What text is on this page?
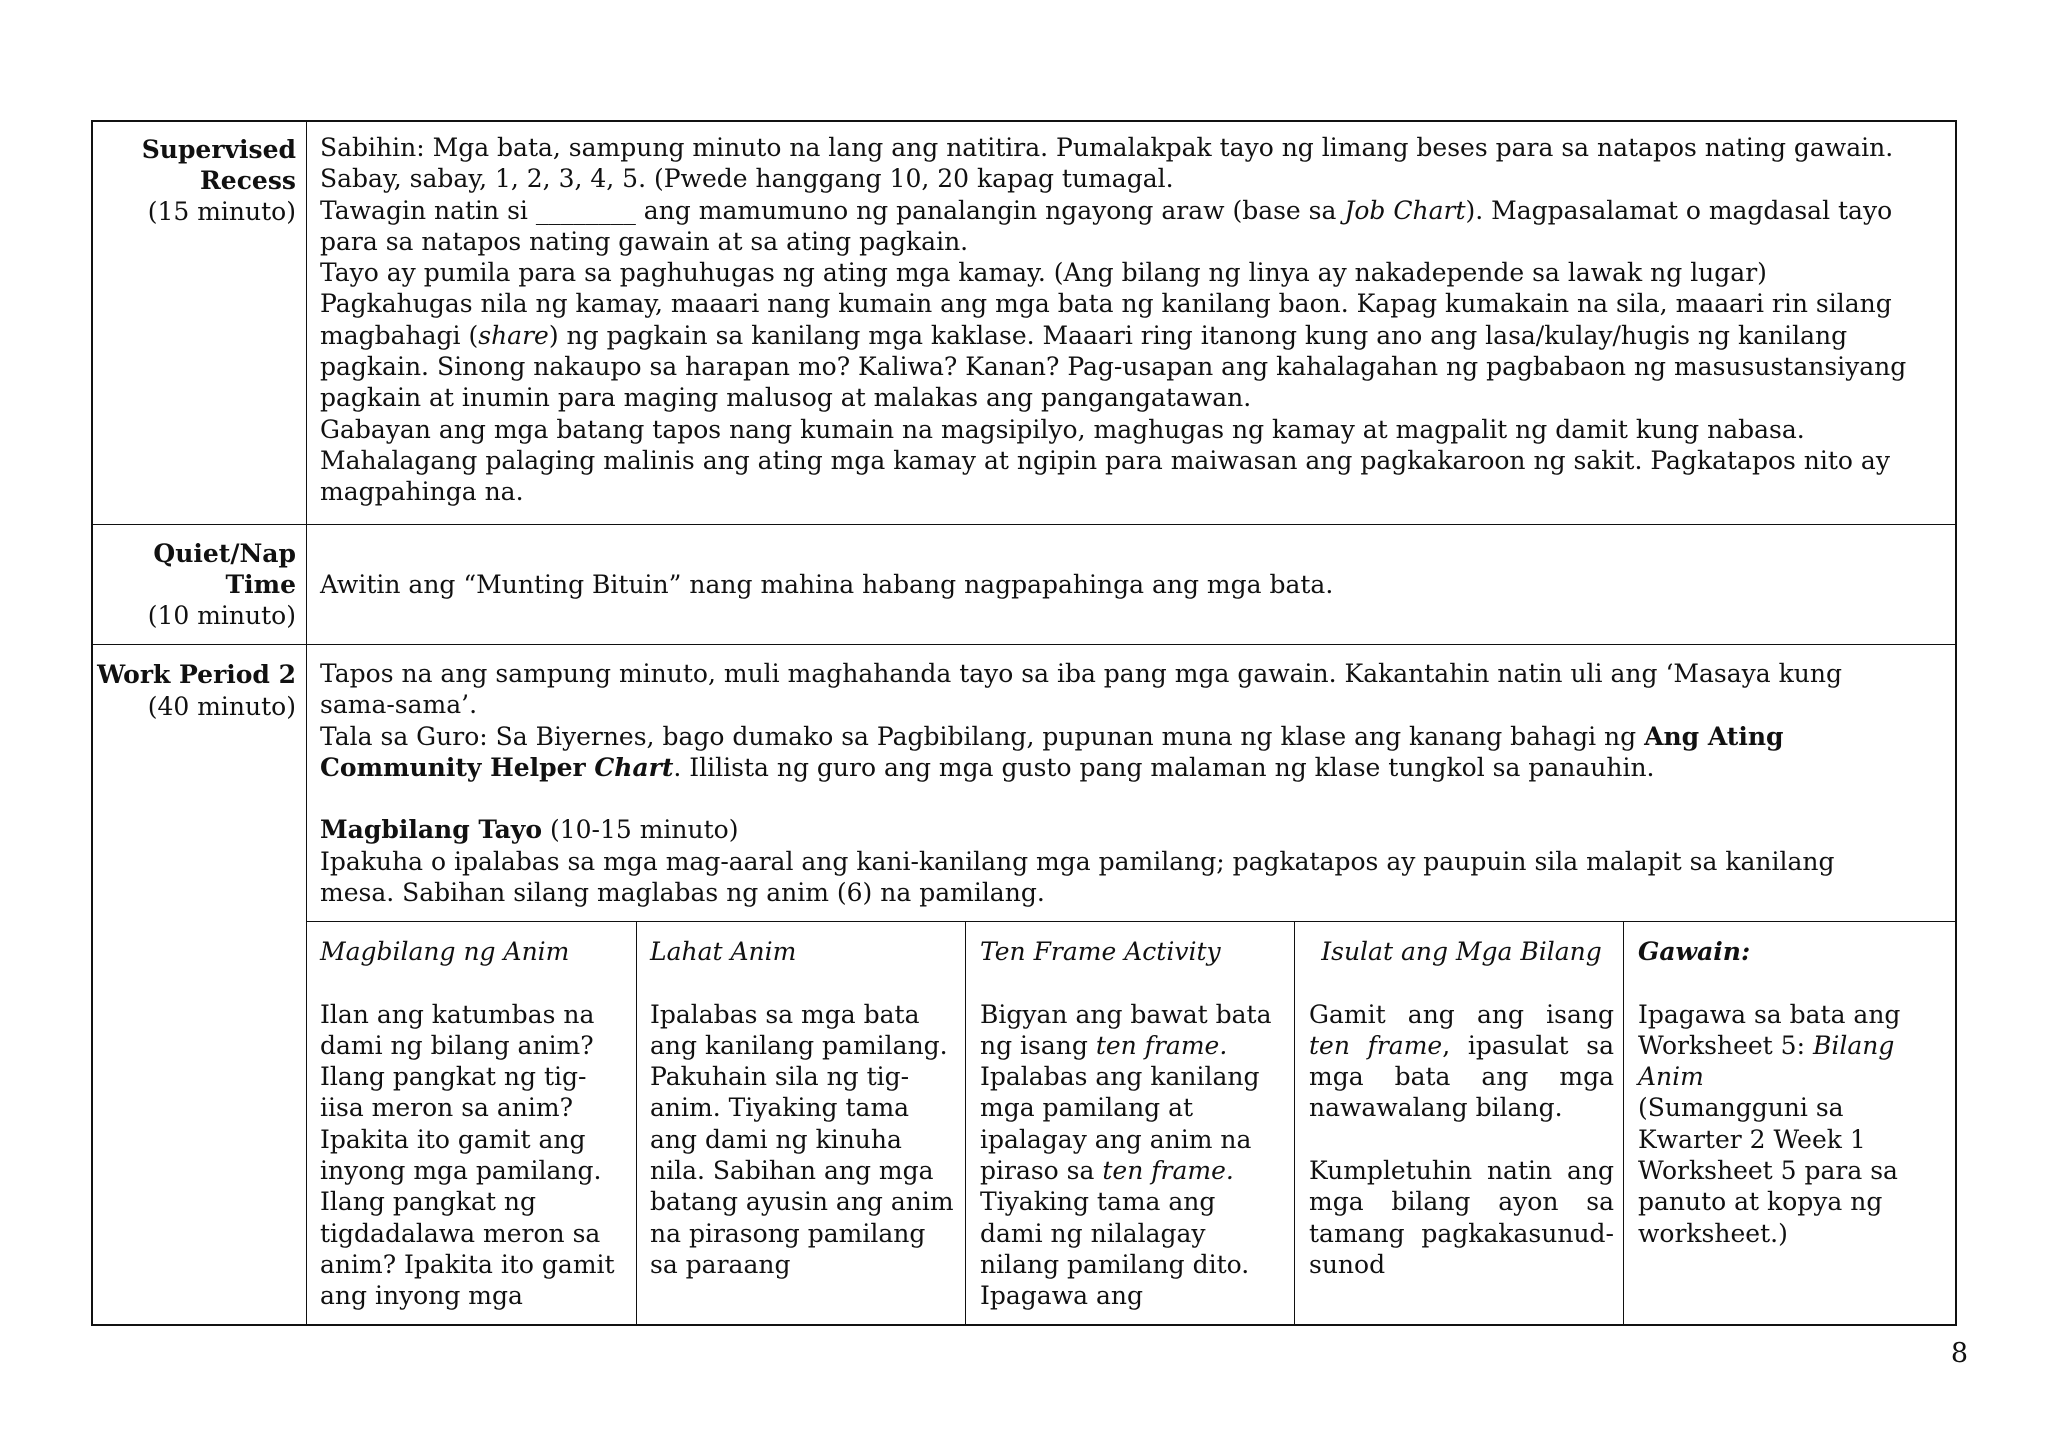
Supervised
Recess
(15 minuto)

Sabihin: Mga bata, sampung minuto na lang ang natitira. Pumalakpak tayo ng limang beses para sa natapos nating gawain. Sabay, sabay, 1, 2, 3, 4, 5. (Pwede hanggang 10, 20 kapag tumagal.

Tawagin natin si ________ ang mamumuno ng panalangin ngayong araw (base sa Job Chart). Magpasalamat o magdasal tayo para sa natapos nating gawain at sa ating pagkain.

Tayo ay pumila para sa paghuhugas ng ating mga kamay. (Ang bilang ng linya ay nakadepende sa lawak ng lugar)

Pagkahugas nila ng kamay, maaari nang kumain ang mga bata ng kanilang baon. Kapag kumakain na sila, maaari rin silang magbahagi (share) ng pagkain sa kanilang mga kaklase. Maaari ring itanong kung ano ang lasa/kulay/hugis ng kanilang pagkain. Sinong nakaupo sa harapan mo? Kaliwa? Kanan? Pag-usapan ang kahalagahan ng pagbabaon ng masusustansiyang pagkain at inumin para maging malusog at malakas ang pangangatawan.

Gabayan ang mga batang tapos nang kumain na magsipilyo, maghugas ng kamay at magpalit ng damit kung nabasa. Mahalagang palaging malinis ang ating mga kamay at ngipin para maiwasan ang pagkakaroon ng sakit. Pagkatapos nito ay magpahinga na.

Quiet/Nap
Time
(10 minuto)

Awitin ang “Munting Bituin” nang mahina habang nagpapahinga ang mga bata.

Work Period 2
(40 minuto)

Tapos na ang sampung minuto, muli maghahanda tayo sa iba pang mga gawain. Kakantahin natin uli ang ‘Masaya kung sama-sama’.

Tala sa Guro: Sa Biyernes, bago dumako sa Pagbibilang, pupunan muna ng klase ang kanang bahagi ng Ang Ating Community Helper Chart. Ililista ng guro ang mga gusto pang malaman ng klase tungkol sa panauhin.

Magbilang Tayo (10-15 minuto)

Ipakuha o ipalabas sa mga mag-aaral ang kani-kanilang mga pamilang; pagkatapos ay paupuin sila malapit sa kanilang mesa. Sabihan silang maglabas ng anim (6) na pamilang.

Magbilang ng Anim

Ilan ang katumbas na dami ng bilang anim? Ilang pangkat ng tig-iisa meron sa anim? Ipakita ito gamit ang inyong mga pamilang. Ilang pangkat ng tigdadalawa meron sa anim? Ipakita ito gamit ang inyong mga

Lahat Anim

Ipalabas sa mga bata ang kanilang pamilang. Pakuhain sila ng tig-anim. Tiyaking tama ang dami ng kinuha nila. Sabihan ang mga batang ayusin ang anim na pirasong pamilang sa paraang

Ten Frame Activity

Bigyan ang bawat bata ng isang ten frame.

Ipalabas ang kanilang mga pamilang at ipalagay ang anim na piraso sa ten frame.

Tiyaking tama ang dami ng nilalagay nilang pamilang dito. Ipagawa ang

Isulat ang Mga Bilang

Gamit ang ang isang ten frame, ipasulat sa mga bata ang mga nawawalang bilang.

Kumpletuhin natin ang mga bilang ayon sa tamang pagkakasunud-sunod

Gawain:

Ipagawa sa bata ang Worksheet 5: Bilang Anim

(Sumangguni sa Kwarter 2 Week 1 Worksheet 5 para sa panuto at kopya ng worksheet.)

8
